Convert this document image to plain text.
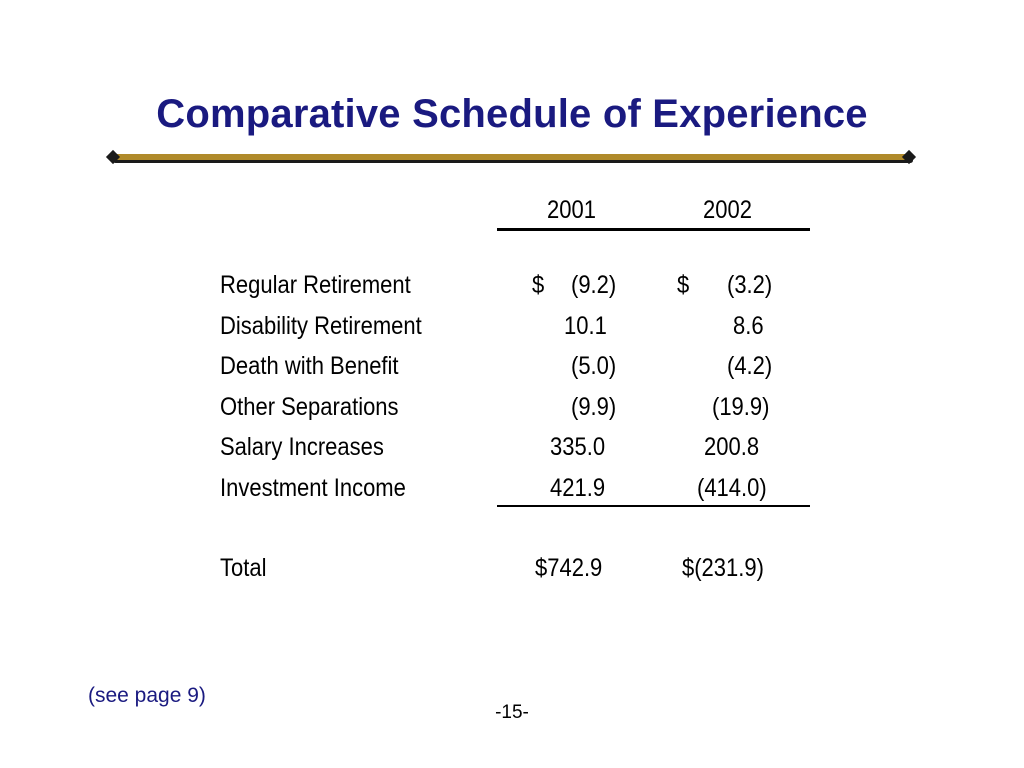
Comparative Schedule of Experience
2001	2002
Regular Retirement	$ (9.2) $ (3.2)
Disability Retirement	10.1	8.6
Death with Benefit	(5.0)	(4.2)
Other Separations	(9.9)	(19.9)
Salary Increases	335.0	200.8
Investment Income	421.9	(414.0)
Total	$742.9	$(231.9)
(see page 9)
-15-
